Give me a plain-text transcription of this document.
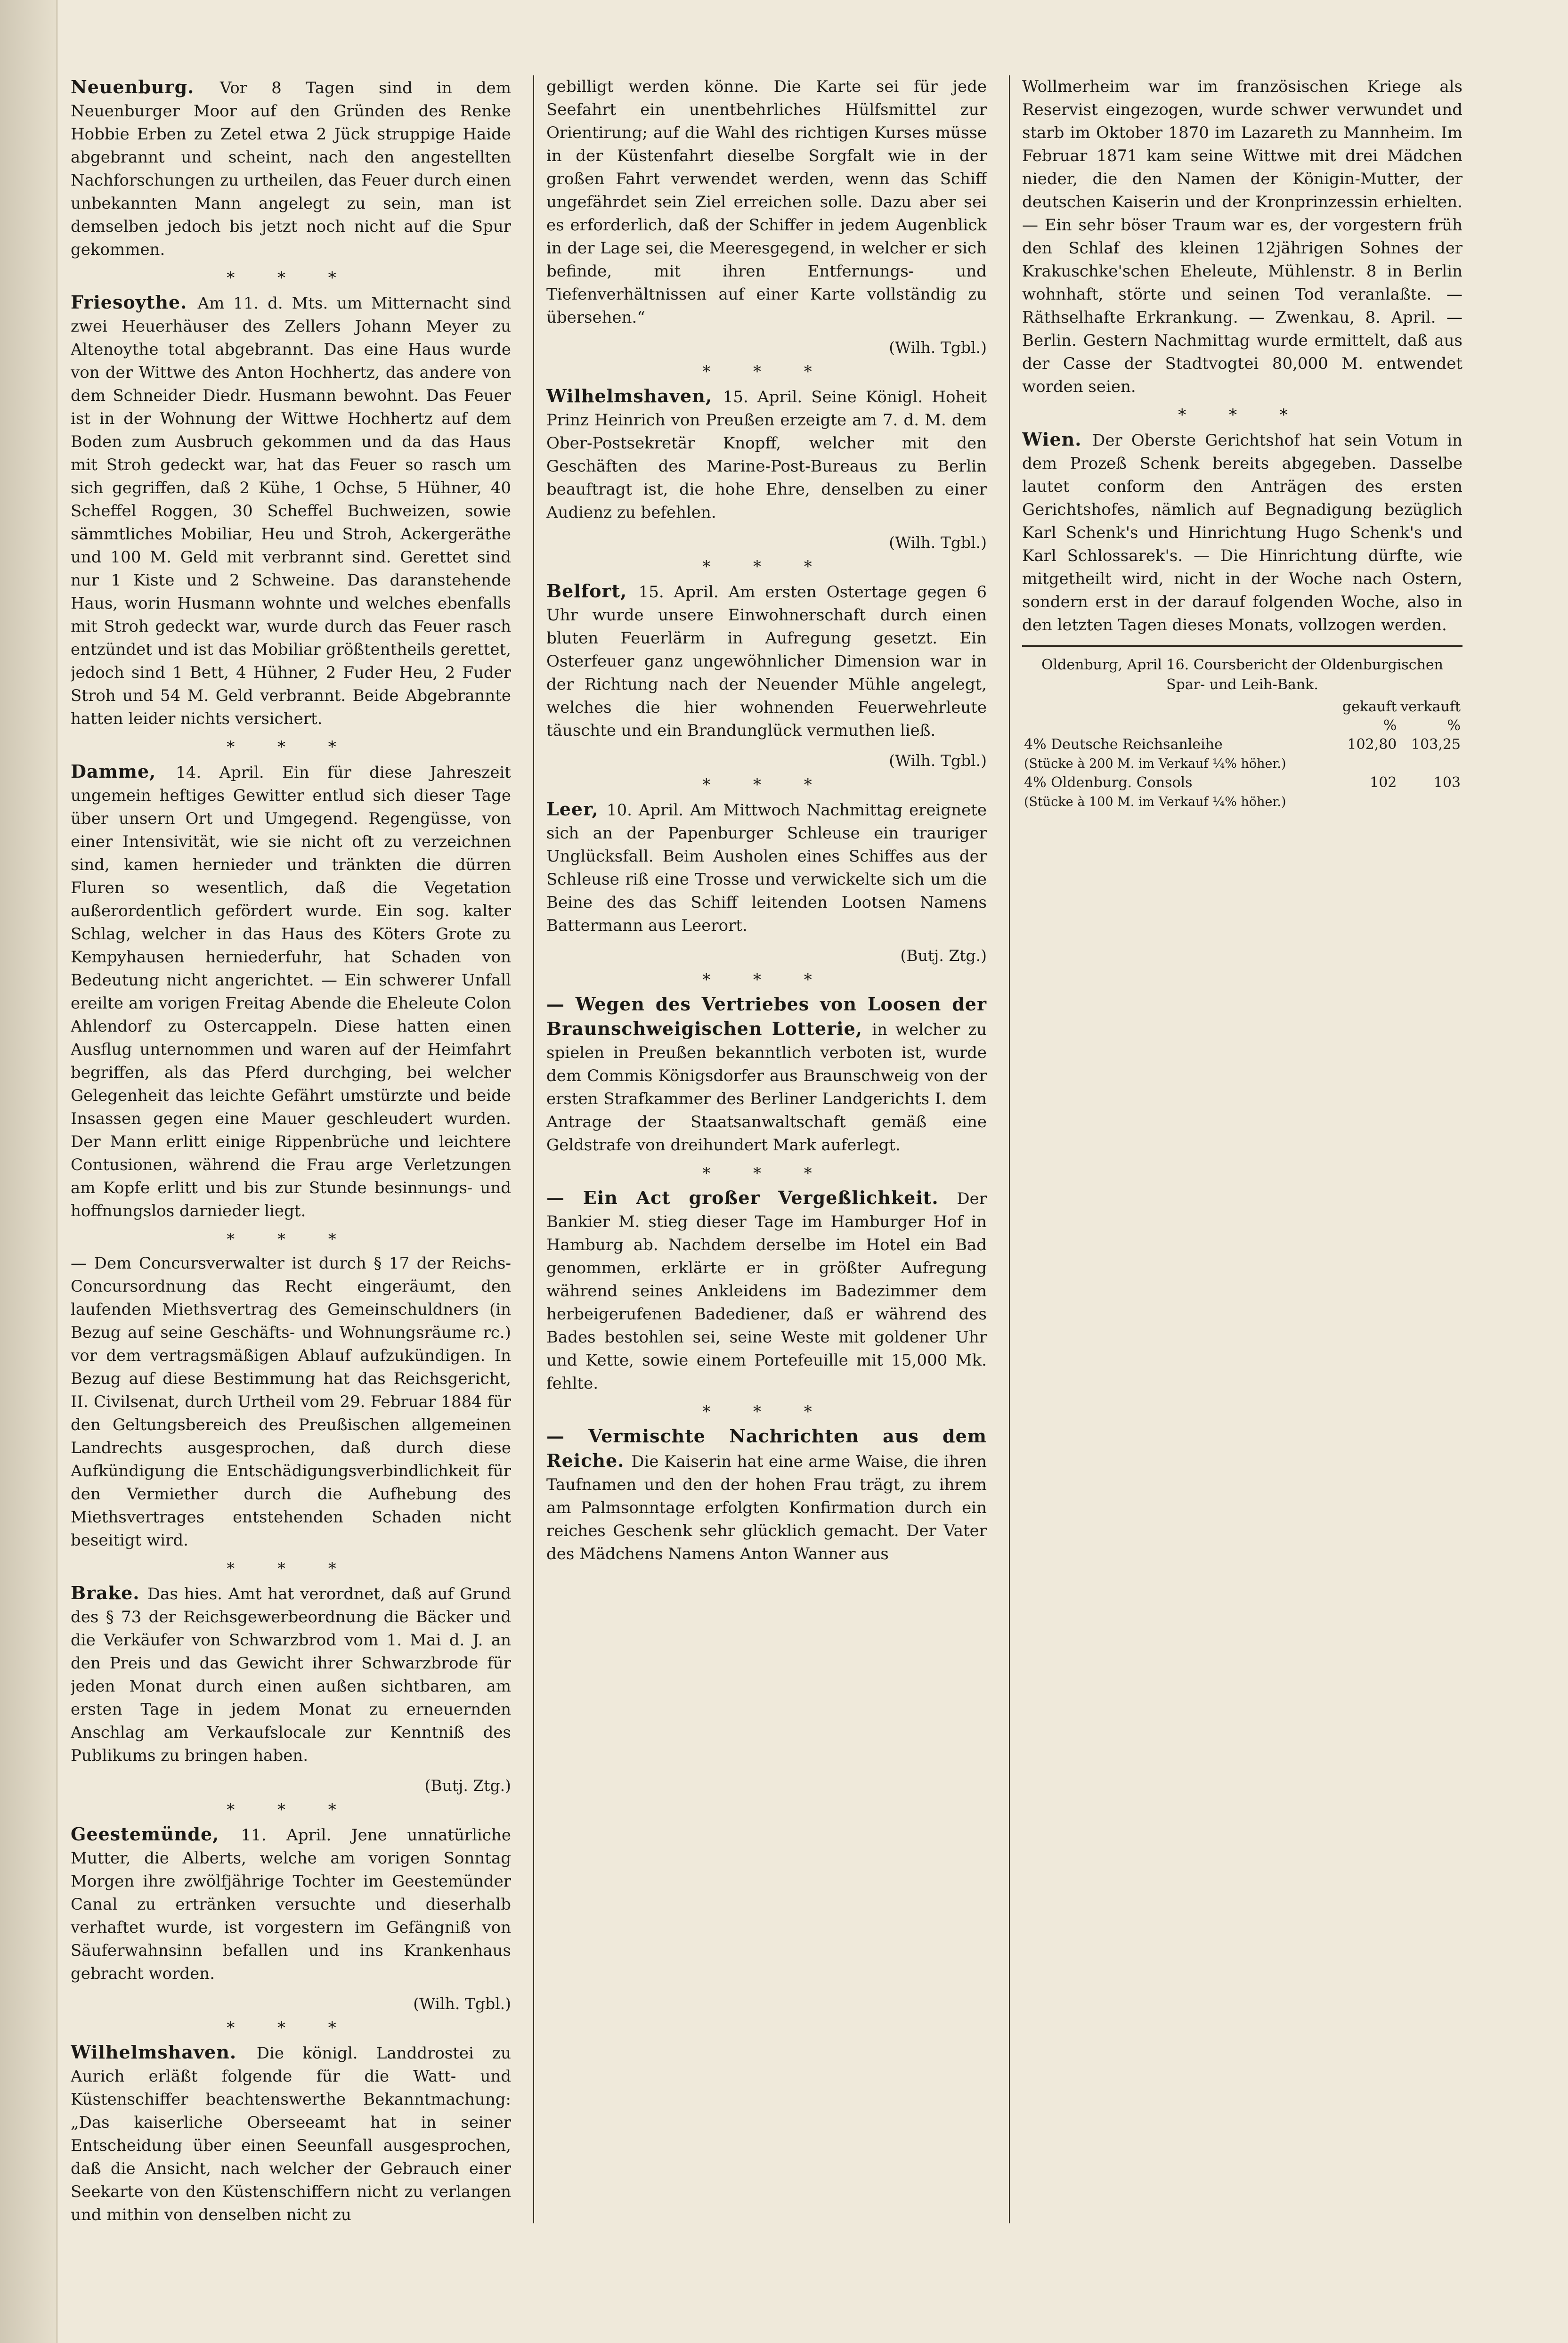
Neuenburg. Vor 8 Tagen sind in dem Neuenburger Moor auf den Gründen des Renke Hobbie Erben zu Zetel etwa 2 Jück struppige Haide abgebrannt und scheint, nach den angestellten Nachforschungen zu urtheilen, das Feuer durch einen unbekannten Mann angelegt zu sein, man ist demselben jedoch bis jetzt noch nicht auf die Spur gekommen.

* * *

Friesoythe. Am 11. d. Mts. um Mitternacht sind zwei Heuerhäuser des Zellers Johann Meyer zu Altenoythe total abgebrannt. Das eine Haus wurde von der Wittwe des Anton Hochhertz, das andere von dem Schneider Diedr. Husmann bewohnt. Das Feuer ist in der Wohnung der Wittwe Hochhertz auf dem Boden zum Ausbruch gekommen und da das Haus mit Stroh gedeckt war, hat das Feuer so rasch um sich gegriffen, daß 2 Kühe, 1 Ochse, 5 Hühner, 40 Scheffel Roggen, 30 Scheffel Buchweizen, sowie sämmtliches Mobiliar, Heu und Stroh, Ackergeräthe und 100 M. Geld mit verbrannt sind. Gerettet sind nur 1 Kiste und 2 Schweine. Das daranstehende Haus, worin Husmann wohnte und welches ebenfalls mit Stroh gedeckt war, wurde durch das Feuer rasch entzündet und ist das Mobiliar größtentheils gerettet, jedoch sind 1 Bett, 4 Hühner, 2 Fuder Heu, 2 Fuder Stroh und 54 M. Geld verbrannt. Beide Abgebrannte hatten leider nichts versichert.

* * *

Damme, 14. April. Ein für diese Jahreszeit ungemein heftiges Gewitter entlud sich dieser Tage über unsern Ort und Umgegend. Regengüsse, von einer Intensivität, wie sie nicht oft zu verzeichnen sind, kamen hernieder und tränkten die dürren Fluren so wesentlich, daß die Vegetation außerordentlich gefördert wurde. Ein sog. kalter Schlag, welcher in das Haus des Köters Grote zu Kempyhausen herniederfuhr, hat Schaden von Bedeutung nicht angerichtet. — Ein schwerer Unfall ereilte am vorigen Freitag Abende die Eheleute Colon Ahlendorf zu Ostercappeln. Diese hatten einen Ausflug unternommen und waren auf der Heimfahrt begriffen, als das Pferd durchging, bei welcher Gelegenheit das leichte Gefährt umstürzte und beide Insassen gegen eine Mauer geschleudert wurden. Der Mann erlitt einige Rippenbrüche und leichtere Contusionen, während die Frau arge Verletzungen am Kopfe erlitt und bis zur Stunde besinnungs- und hoffnungslos darnieder liegt.

* * *

— Dem Concursverwalter ist durch § 17 der Reichs-Concursordnung das Recht eingeräumt, den laufenden Miethsvertrag des Gemeinschuldners (in Bezug auf seine Geschäfts- und Wohnungsräume rc.) vor dem vertragsmäßigen Ablauf aufzukündigen. In Bezug auf diese Bestimmung hat das Reichsgericht, II. Civilsenat, durch Urtheil vom 29. Februar 1884 für den Geltungsbereich des Preußischen allgemeinen Landrechts ausgesprochen, daß durch diese Aufkündigung die Entschädigungsverbindlichkeit für den Vermiether durch die Aufhebung des Miethsvertrages entstehenden Schaden nicht beseitigt wird.

* * *

Brake. Das hies. Amt hat verordnet, daß auf Grund des § 73 der Reichsgewerbeordnung die Bäcker und die Verkäufer von Schwarzbrod vom 1. Mai d. J. an den Preis und das Gewicht ihrer Schwarzbrode für jeden Monat durch einen außen sichtbaren, am ersten Tage in jedem Monat zu erneuernden Anschlag am Verkaufslocale zur Kenntniß des Publikums zu bringen haben.

(Butj. Ztg.)
* * *

Geestemünde, 11. April. Jene unnatürliche Mutter, die Alberts, welche am vorigen Sonntag Morgen ihre zwölfjährige Tochter im Geestemünder Canal zu ertränken versuchte und dieserhalb verhaftet wurde, ist vorgestern im Gefängniß von Säuferwahnsinn befallen und ins Krankenhaus gebracht worden.

(Wilh. Tgbl.)
* * *

Wilhelmshaven. Die königl. Landdrostei zu Aurich erläßt folgende für die Watt- und Küstenschiffer beachtenswerthe Bekanntmachung: „Das kaiserliche Oberseeamt hat in seiner Entscheidung über einen Seeunfall ausgesprochen, daß die Ansicht, nach welcher der Gebrauch einer Seekarte von den Küstenschiffern nicht zu verlangen und mithin von denselben nicht zu

gebilligt werden könne. Die Karte sei für jede Seefahrt ein unentbehrliches Hülfsmittel zur Orientirung; auf die Wahl des richtigen Kurses müsse in der Küstenfahrt dieselbe Sorgfalt wie in der großen Fahrt verwendet werden, wenn das Schiff ungefährdet sein Ziel erreichen solle. Dazu aber sei es erforderlich, daß der Schiffer in jedem Augenblick in der Lage sei, die Meeresgegend, in welcher er sich befinde, mit ihren Entfernungs- und Tiefenverhältnissen auf einer Karte vollständig zu übersehen.“

(Wilh. Tgbl.)
* * *

Wilhelmshaven, 15. April. Seine Königl. Hoheit Prinz Heinrich von Preußen erzeigte am 7. d. M. dem Ober-Postsekretär Knopff, welcher mit den Geschäften des Marine-Post-Bureaus zu Berlin beauftragt ist, die hohe Ehre, denselben zu einer Audienz zu befehlen.

(Wilh. Tgbl.)
* * *

Belfort, 15. April. Am ersten Ostertage gegen 6 Uhr wurde unsere Einwohnerschaft durch einen bluten Feuerlärm in Aufregung gesetzt. Ein Osterfeuer ganz ungewöhnlicher Dimension war in der Richtung nach der Neuender Mühle angelegt, welches die hier wohnenden Feuerwehrleute täuschte und ein Brandunglück vermuthen ließ.

(Wilh. Tgbl.)
* * *

Leer, 10. April. Am Mittwoch Nachmittag ereignete sich an der Papenburger Schleuse ein trauriger Unglücksfall. Beim Ausholen eines Schiffes aus der Schleuse riß eine Trosse und verwickelte sich um die Beine des das Schiff leitenden Lootsen Namens Battermann aus Leerort.

(Butj. Ztg.)
* * *

— Wegen des Vertriebes von Loosen der Braunschweigischen Lotterie, in welcher zu spielen in Preußen bekanntlich verboten ist, wurde dem Commis Königsdorfer aus Braunschweig von der ersten Strafkammer des Berliner Landgerichts I. dem Antrage der Staatsanwaltschaft gemäß eine Geldstrafe von dreihundert Mark auferlegt.

* * *

— Ein Act großer Vergeßlichkeit. Der Bankier M. stieg dieser Tage im Hamburger Hof in Hamburg ab. Nachdem derselbe im Hotel ein Bad genommen, erklärte er in größter Aufregung während seines Ankleidens im Badezimmer dem herbeigerufenen Badediener, daß er während des Bades bestohlen sei, seine Weste mit goldener Uhr und Kette, sowie einem Portefeuille mit 15,000 Mk. fehlte.

* * *

— Vermischte Nachrichten aus dem Reiche. Die Kaiserin hat eine arme Waise, die ihren Taufnamen und den der hohen Frau trägt, zu ihrem am Palmsonntage erfolgten Konfirmation durch ein reiches Geschenk sehr glücklich gemacht. Der Vater des Mädchens Namens Anton Wanner aus

Wollmerheim war im französischen Kriege als Reservist eingezogen, wurde schwer verwundet und starb im Oktober 1870 im Lazareth zu Mannheim. Im Februar 1871 kam seine Wittwe mit drei Mädchen nieder, die den Namen der Königin-Mutter, der deutschen Kaiserin und der Kronprinzessin erhielten. — Ein sehr böser Traum war es, der vorgestern früh den Schlaf des kleinen 12jährigen Sohnes der Krakuschke'schen Eheleute, Mühlenstr. 8 in Berlin wohnhaft, störte und seinen Tod veranlaßte. — Räthselhafte Erkrankung. — Zwenkau, 8. April. — Berlin. Gestern Nachmittag wurde ermittelt, daß aus der Casse der Stadtvogtei 80,000 M. entwendet worden seien.

* * *

Wien. Der Oberste Gerichtshof hat sein Votum in dem Prozeß Schenk bereits abgegeben. Dasselbe lautet conform den Anträgen des ersten Gerichtshofes, nämlich auf Begnadigung bezüglich Karl Schenk's und Hinrichtung Hugo Schenk's und Karl Schlossarek's. — Die Hinrichtung dürfte, wie mitgetheilt wird, nicht in der Woche nach Ostern, sondern erst in der darauf folgenden Woche, also in den letzten Tagen dieses Monats, vollzogen werden.

Oldenburg, April 16. Coursbericht der Oldenburgischen Spar- und Leih-Bank.
	gekauft %	verkauft %
4% Deutsche Reichsanleihe
(Stücke à 200 M. im Verkauf ¼% höher.)	102,80	103,25
4% Oldenburg. Consols
(Stücke à 100 M. im Verkauf ¼% höher.)	102	103
